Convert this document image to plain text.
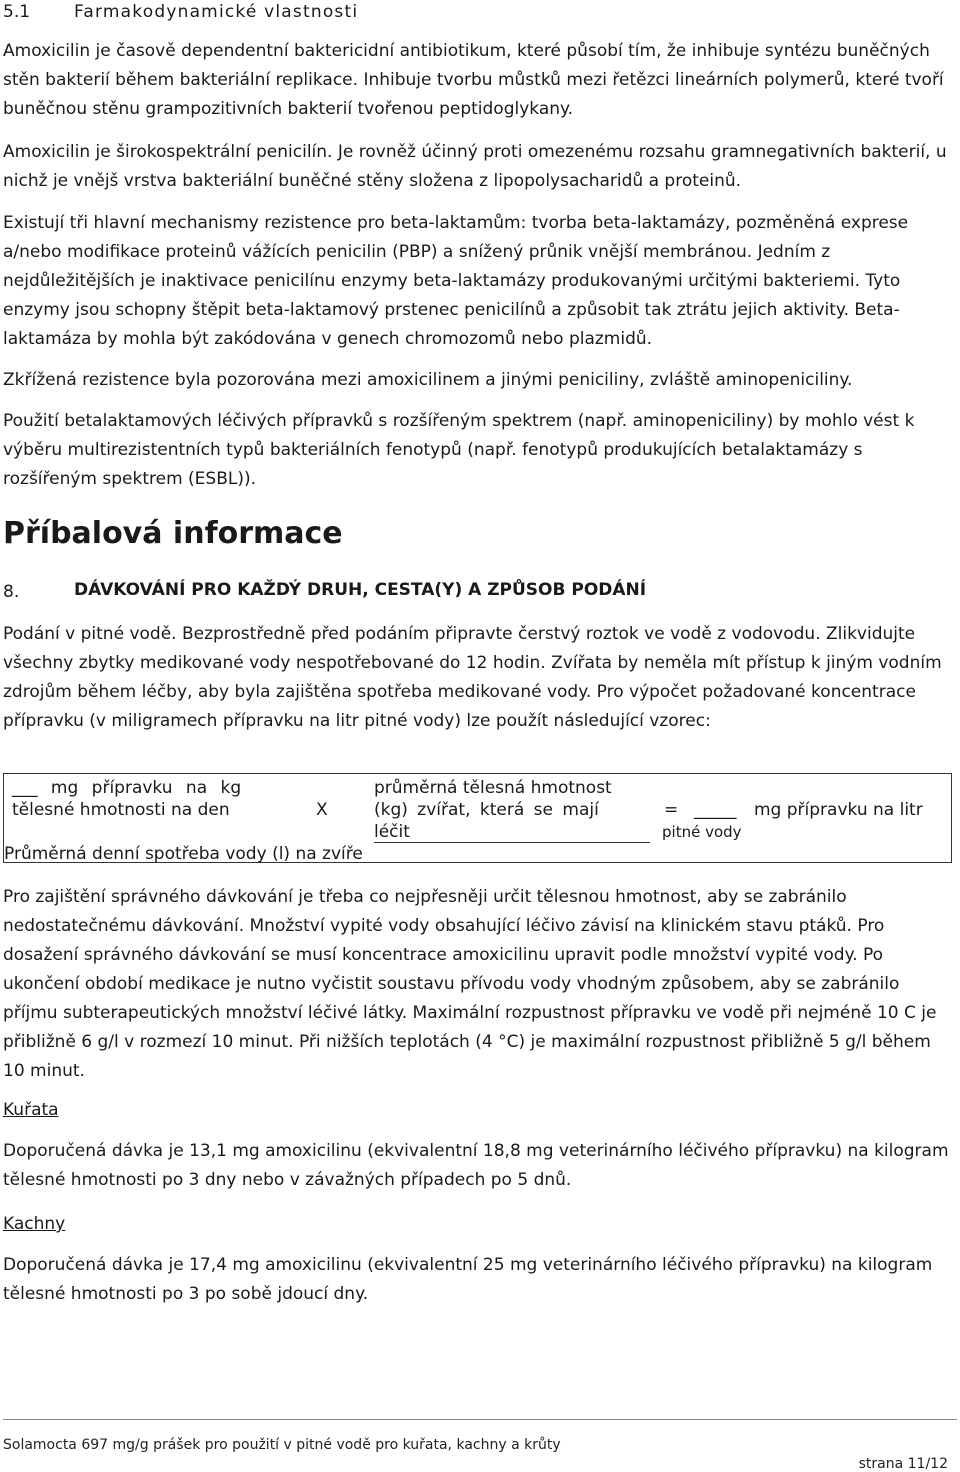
5.1	Farmakodynamické vlastnosti

Amoxicilin je časově dependentní baktericidní antibiotikum, které působí tím, že inhibuje syntézu buněčných stěn bakterií během bakteriální replikace. Inhibuje tvorbu můstků mezi řetězci lineárních polymerů, které tvoří buněčnou stěnu grampozitivních bakterií tvořenou peptidoglykany.

Amoxicilin je širokospektrální penicilín. Je rovněž účinný proti omezenému rozsahu gramnegativních bakterií, u nichž je vnějš vrstva bakteriální buněčné stěny složena z lipopolysacharidů a proteinů.

Existují tři hlavní mechanismy rezistence pro beta-laktamům: tvorba beta-laktamázy, pozměněná exprese a/nebo modifikace proteinů vážících penicilin (PBP) a snížený průnik vnější membránou. Jedním z nejdůležitějších je inaktivace penicilínu enzymy beta-laktamázy produkovanými určitými bakteriemi. Tyto enzymy jsou schopny štěpit beta-laktamový prstenec penicilínů a způsobit tak ztrátu jejich aktivity. Beta-laktamáza by mohla být zakódována v genech chromozomů nebo plazmidů.

Zkřížená rezistence byla pozorována mezi amoxicilinem a jinými peniciliny, zvláště aminopeniciliny.

Použití betalaktamových léčivých přípravků s rozšířeným spektrem (např. aminopeniciliny) by mohlo vést k výběru multirezistentních typů bakteriálních fenotypů (např. fenotypů produkujících betalaktamázy s rozšířeným spektrem (ESBL)).

Příbalová informace
8.	DÁVKOVÁNÍ PRO KAŽDÝ DRUH, CESTA(Y) A ZPŮSOB PODÁNÍ

Podání v pitné vodě. Bezprostředně před podáním připravte čerstvý roztok ve vodě z vodovodu. Zlikvidujte všechny zbytky medikované vody nespotřebované do 12 hodin. Zvířata by neměla mít přístup k jiným vodním zdrojům během léčby, aby byla zajištěna spotřeba medikované vody. Pro výpočet požadované koncentrace přípravku (v miligramech přípravku na litr pitné vody) lze použít následující vzorec:

___ mg přípravku na kg
tělesné hmotnosti na den	X
průměrná tělesná hmotnost
(kg) zvířat, která se mají
léčit
= _____ mg přípravku na litr
pitné vody
Průměrná denní spotřeba vody (l) na zvíře

Pro zajištění správného dávkování je třeba co nejpřesněji určit tělesnou hmotnost, aby se zabránilo nedostatečnému dávkování. Množství vypité vody obsahující léčivo závisí na klinickém stavu ptáků. Pro dosažení správného dávkování se musí koncentrace amoxicilinu upravit podle množství vypité vody. Po ukončení období medikace je nutno vyčistit soustavu přívodu vody vhodným způsobem, aby se zabránilo příjmu subterapeutických množství léčivé látky. Maximální rozpustnost přípravku ve vodě při nejméně 10 C je přibližně 6 g/l v rozmezí 10 minut. Při nižších teplotách (4 °C) je maximální rozpustnost přibližně 5 g/l během 10 minut.

Kuřata

Doporučená dávka je 13,1 mg amoxicilinu (ekvivalentní 18,8 mg veterinárního léčivého přípravku) na kilogram tělesné hmotnosti po 3 dny nebo v závažných případech po 5 dnů.

Kachny

Doporučená dávka je 17,4 mg amoxicilinu (ekvivalentní 25 mg veterinárního léčivého přípravku) na kilogram tělesné hmotnosti po 3 po sobě jdoucí dny.

Solamocta 697 mg/g prášek pro použití v pitné vodě pro kuřata, kachny a krůty
strana 11/12
